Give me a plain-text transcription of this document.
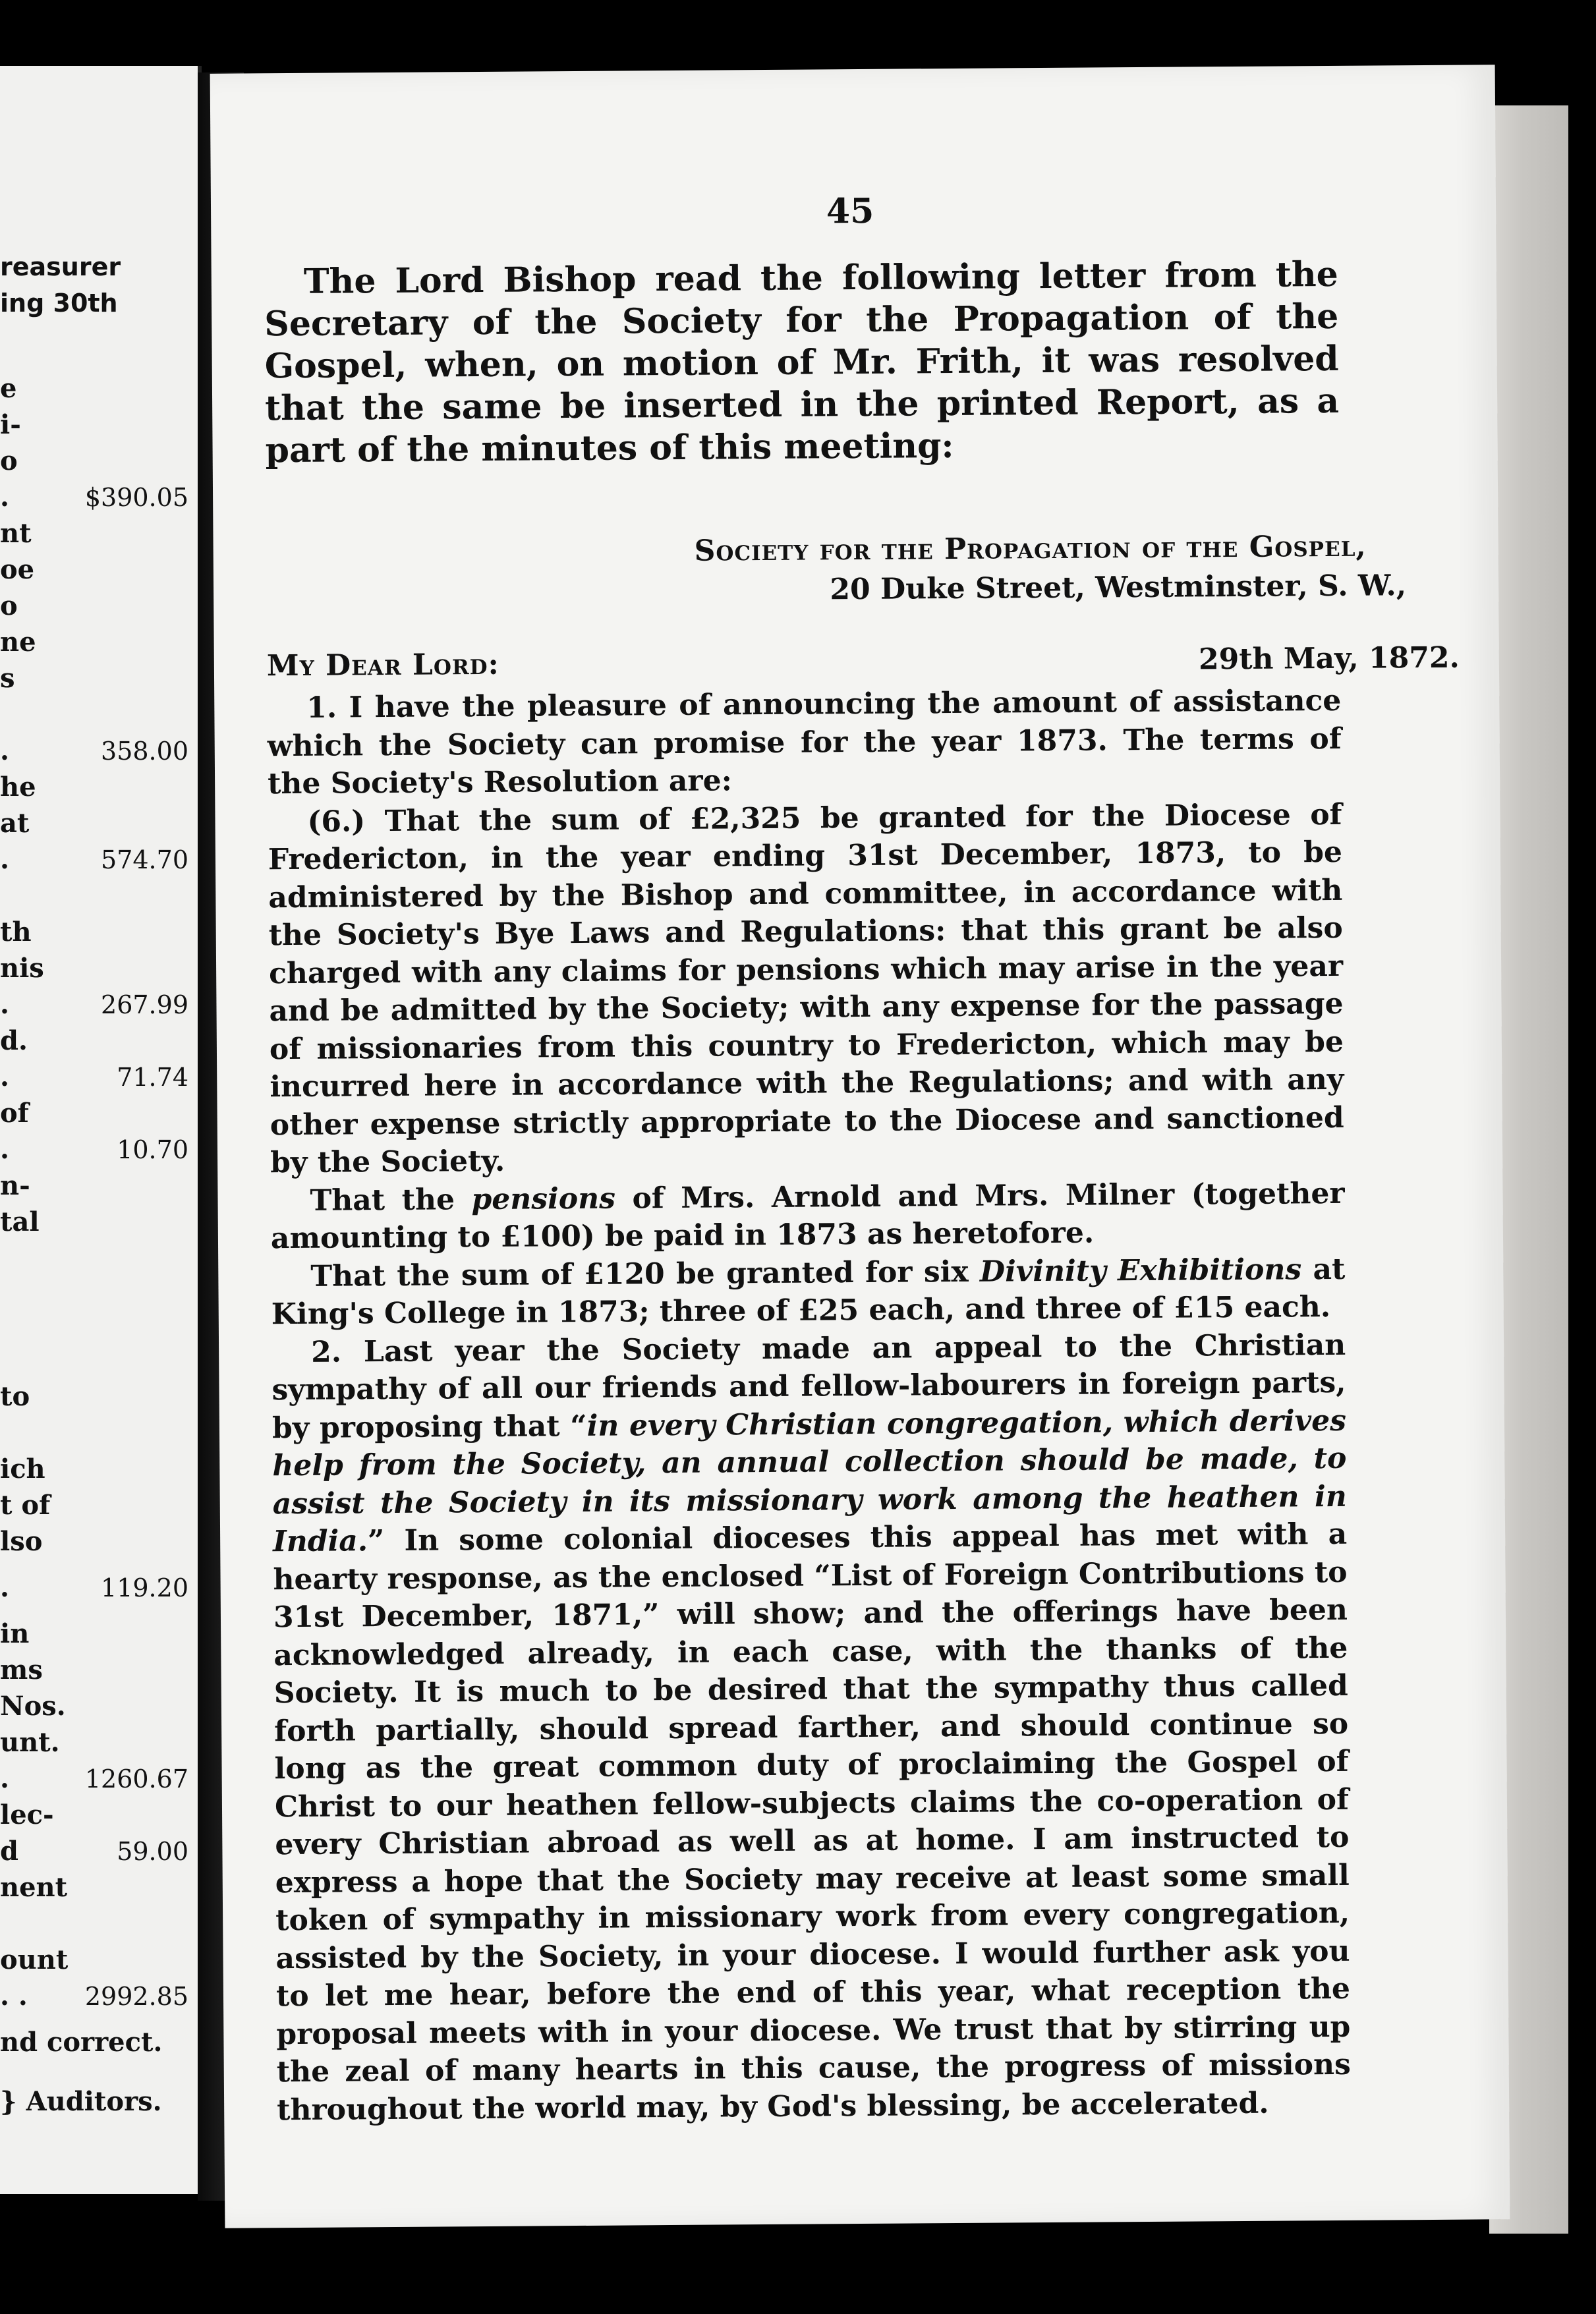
reasurer
ing 30th
e
i-
o
.	$390.05
nt
oe
o
ne
s
.	358.00
he
at
.	574.70
th
nis
.	267.99
d.
.	71.74
of
.	10.70
n-
tal
to
ich
t of
lso
.	119.20
in
ms
Nos.
unt.
.	1260.67
lec-
d	59.00
nent
ount
. . 2992.85
nd correct.
} Auditors.
45
The Lord Bishop read the following letter from the Secretary of the Society for the Propagation of the Gospel, when, on motion of Mr. Frith, it was resolved that the same be inserted in the printed Report, as a part of the minutes of this meeting:
Society for the Propagation of the Gospel,
20 Duke Street, Westminster, S. W.,
My Dear Lord:	29th May, 1872.

1. I have the pleasure of announcing the amount of assistance which the Society can promise for the year 1873. The terms of the Society's Resolution are:

(6.) That the sum of £2,325 be granted for the Diocese of Fredericton, in the year ending 31st December, 1873, to be administered by the Bishop and committee, in accordance with the Society's Bye Laws and Regulations: that this grant be also charged with any claims for pensions which may arise in the year and be admitted by the Society; with any expense for the passage of missionaries from this country to Fredericton, which may be incurred here in accordance with the Regulations; and with any other expense strictly appropriate to the Diocese and sanctioned by the Society.

That the pensions of Mrs. Arnold and Mrs. Milner (together amounting to £100) be paid in 1873 as heretofore.

That the sum of £120 be granted for six Divinity Exhibitions at King's College in 1873; three of £25 each, and three of £15 each.

2. Last year the Society made an appeal to the Christian sympathy of all our friends and fellow-labourers in foreign parts, by proposing that “in every Christian congregation, which derives help from the Society, an annual collection should be made, to assist the Society in its missionary work among the heathen in India.” In some colonial dioceses this appeal has met with a hearty response, as the enclosed “List of Foreign Contributions to 31st December, 1871,” will show; and the offerings have been acknowledged already, in each case, with the thanks of the Society. It is much to be desired that the sympathy thus called forth partially, should spread farther, and should continue so long as the great common duty of proclaiming the Gospel of Christ to our heathen fellow-subjects claims the co-operation of every Christian abroad as well as at home. I am instructed to express a hope that the Society may receive at least some small token of sympathy in missionary work from every congregation, assisted by the Society, in your diocese. I would further ask you to let me hear, before the end of this year, what reception the proposal meets with in your diocese. We trust that by stirring up the zeal of many hearts in this cause, the progress of missions throughout the world may, by God's blessing, be accelerated.
